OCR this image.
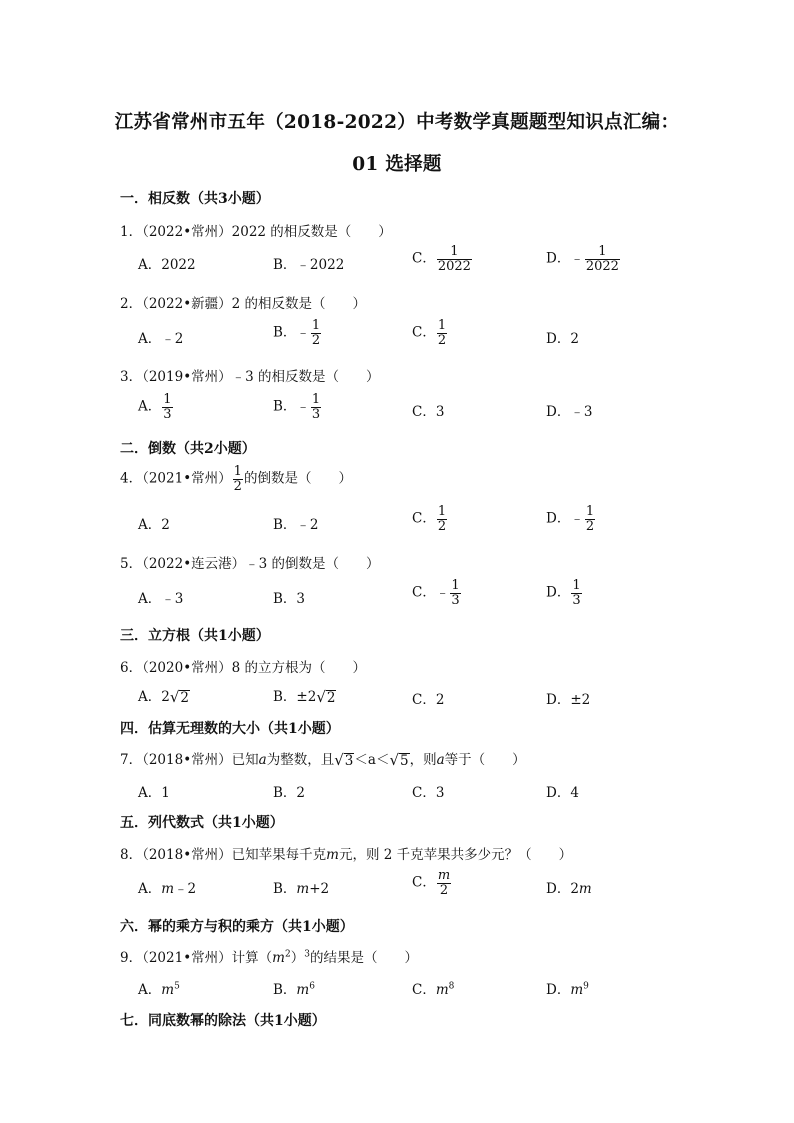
江苏省常州市五年（2018-2022）中考数学真题题型知识点汇编：
01 选择题
一．相反数（共3小题）
1．（2022•常州）2022 的相反数是（　　）
A．2022	B．﹣2022	C． $\frac{1}{2022}$	D．﹣ $\frac{1}{2022}$
2．（2022•新疆）2 的相反数是（　　）
A．﹣2	B．﹣ $\frac{1}{2}$	C． $\frac{1}{2}$	D．2
3．（2019•常州）﹣3 的相反数是（　　）
A． $\frac{1}{3}$	B．﹣ $\frac{1}{3}$	C．3	D．﹣3
二．倒数（共2小题）
4．（2021•常州） $\frac{1}{2}$ 的倒数是（　　）
A．2	B．﹣2	C． $\frac{1}{2}$	D．﹣ $\frac{1}{2}$
5．（2022•连云港）﹣3 的倒数是（　　）
A．﹣3	B．3	C．﹣ $\frac{1}{3}$	D． $\frac{1}{3}$
三．立方根（共1小题）
6．（2020•常州）8 的立方根为（　　）
A．2 √ 2	B．±2 √ 2	C．2	D．±2
四．估算无理数的大小（共1小题）
7．（2018•常州）已知a为整数，且 √ 3 ＜a＜ √ 5 ，则a等于（　　）
A．1	B．2	C．3	D．4
五．列代数式（共1小题）
8．（2018•常州）已知苹果每千克m元，则 2 千克苹果共多少元？（　　）
A．m﹣2	B．m+2	C． $\frac{m}{2}$	D．2m
六．幂的乘方与积的乘方（共1小题）
9．（2021•常州）计算$(m^2)^3$的结果是（　　）
A．$m^5$	B．$m^6$	C．$m^8$	D．$m^9$
七．同底数幂的除法（共1小题）
